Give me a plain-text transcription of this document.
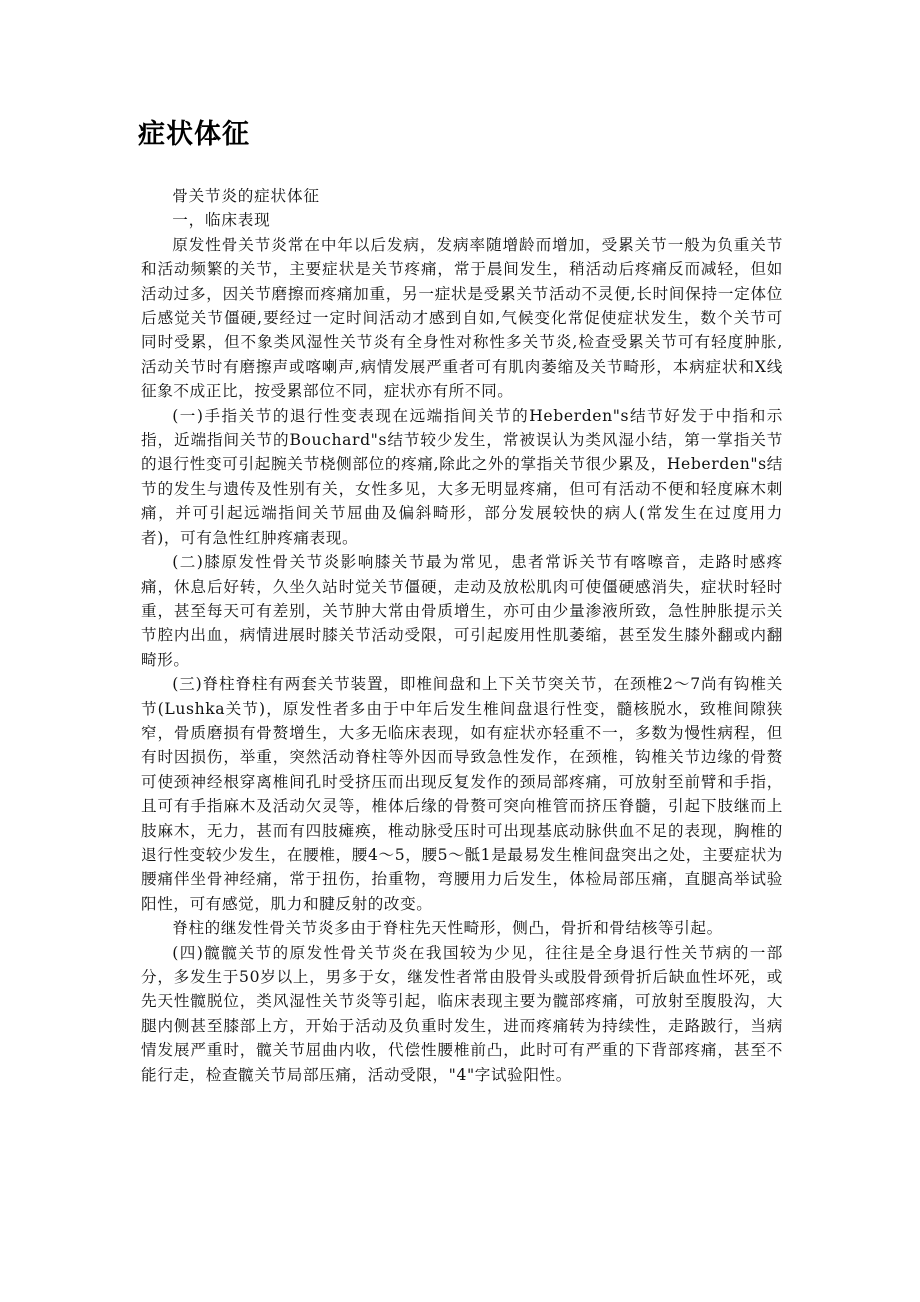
症状体征

骨关节炎的症状体征

一，临床表现

原发性骨关节炎常在中年以后发病，发病率随增龄而增加，受累关节一般为负重关节和活动频繁的关节，主要症状是关节疼痛，常于晨间发生，稍活动后疼痛反而减轻，但如活动过多，因关节磨擦而疼痛加重，另一症状是受累关节活动不灵便,长时间保持一定体位后感觉关节僵硬,要经过一定时间活动才感到自如,气候变化常促使症状发生，数个关节可同时受累，但不象类风湿性关节炎有全身性对称性多关节炎,检查受累关节可有轻度肿胀,活动关节时有磨擦声或喀喇声,病情发展严重者可有肌肉萎缩及关节畸形，本病症状和X线征象不成正比，按受累部位不同，症状亦有所不同。

(一)手指关节的退行性变表现在远端指间关节的Heberden"s结节好发于中指和示指，近端指间关节的Bouchard"s结节较少发生，常被误认为类风湿小结，第一掌指关节的退行性变可引起腕关节桡侧部位的疼痛,除此之外的掌指关节很少累及，Heberden"s结节的发生与遗传及性别有关，女性多见，大多无明显疼痛，但可有活动不便和轻度麻木刺痛，并可引起远端指间关节屈曲及偏斜畸形，部分发展较快的病人(常发生在过度用力者)，可有急性红肿疼痛表现。

(二)膝原发性骨关节炎影响膝关节最为常见，患者常诉关节有喀嚓音，走路时感疼痛，休息后好转，久坐久站时觉关节僵硬，走动及放松肌肉可使僵硬感消失，症状时轻时重，甚至每天可有差别，关节肿大常由骨质增生，亦可由少量渗液所致，急性肿胀提示关节腔内出血，病情进展时膝关节活动受限，可引起废用性肌萎缩，甚至发生膝外翻或内翻畸形。

(三)脊柱脊柱有两套关节装置，即椎间盘和上下关节突关节，在颈椎2～7尚有钩椎关节(Lushka关节)，原发性者多由于中年后发生椎间盘退行性变，髓核脱水，致椎间隙狭窄，骨质磨损有骨赘增生，大多无临床表现，如有症状亦轻重不一，多数为慢性病程，但有时因损伤，举重，突然活动脊柱等外因而导致急性发作，在颈椎，钩椎关节边缘的骨赘可使颈神经根穿离椎间孔时受挤压而出现反复发作的颈局部疼痛，可放射至前臂和手指，且可有手指麻木及活动欠灵等，椎体后缘的骨赘可突向椎管而挤压脊髓，引起下肢继而上肢麻木，无力，甚而有四肢瘫痪，椎动脉受压时可出现基底动脉供血不足的表现，胸椎的退行性变较少发生，在腰椎，腰4～5，腰5～骶1是最易发生椎间盘突出之处，主要症状为腰痛伴坐骨神经痛，常于扭伤，抬重物，弯腰用力后发生，体检局部压痛，直腿高举试验阳性，可有感觉，肌力和腱反射的改变。

脊柱的继发性骨关节炎多由于脊柱先天性畸形，侧凸，骨折和骨结核等引起。

(四)髋髋关节的原发性骨关节炎在我国较为少见，往往是全身退行性关节病的一部分，多发生于50岁以上，男多于女，继发性者常由股骨头或股骨颈骨折后缺血性坏死，或先天性髋脱位，类风湿性关节炎等引起，临床表现主要为髋部疼痛，可放射至腹股沟，大腿内侧甚至膝部上方，开始于活动及负重时发生，进而疼痛转为持续性，走路跛行，当病情发展严重时，髋关节屈曲内收，代偿性腰椎前凸，此时可有严重的下背部疼痛，甚至不能行走，检查髋关节局部压痛，活动受限，"4"字试验阳性。
